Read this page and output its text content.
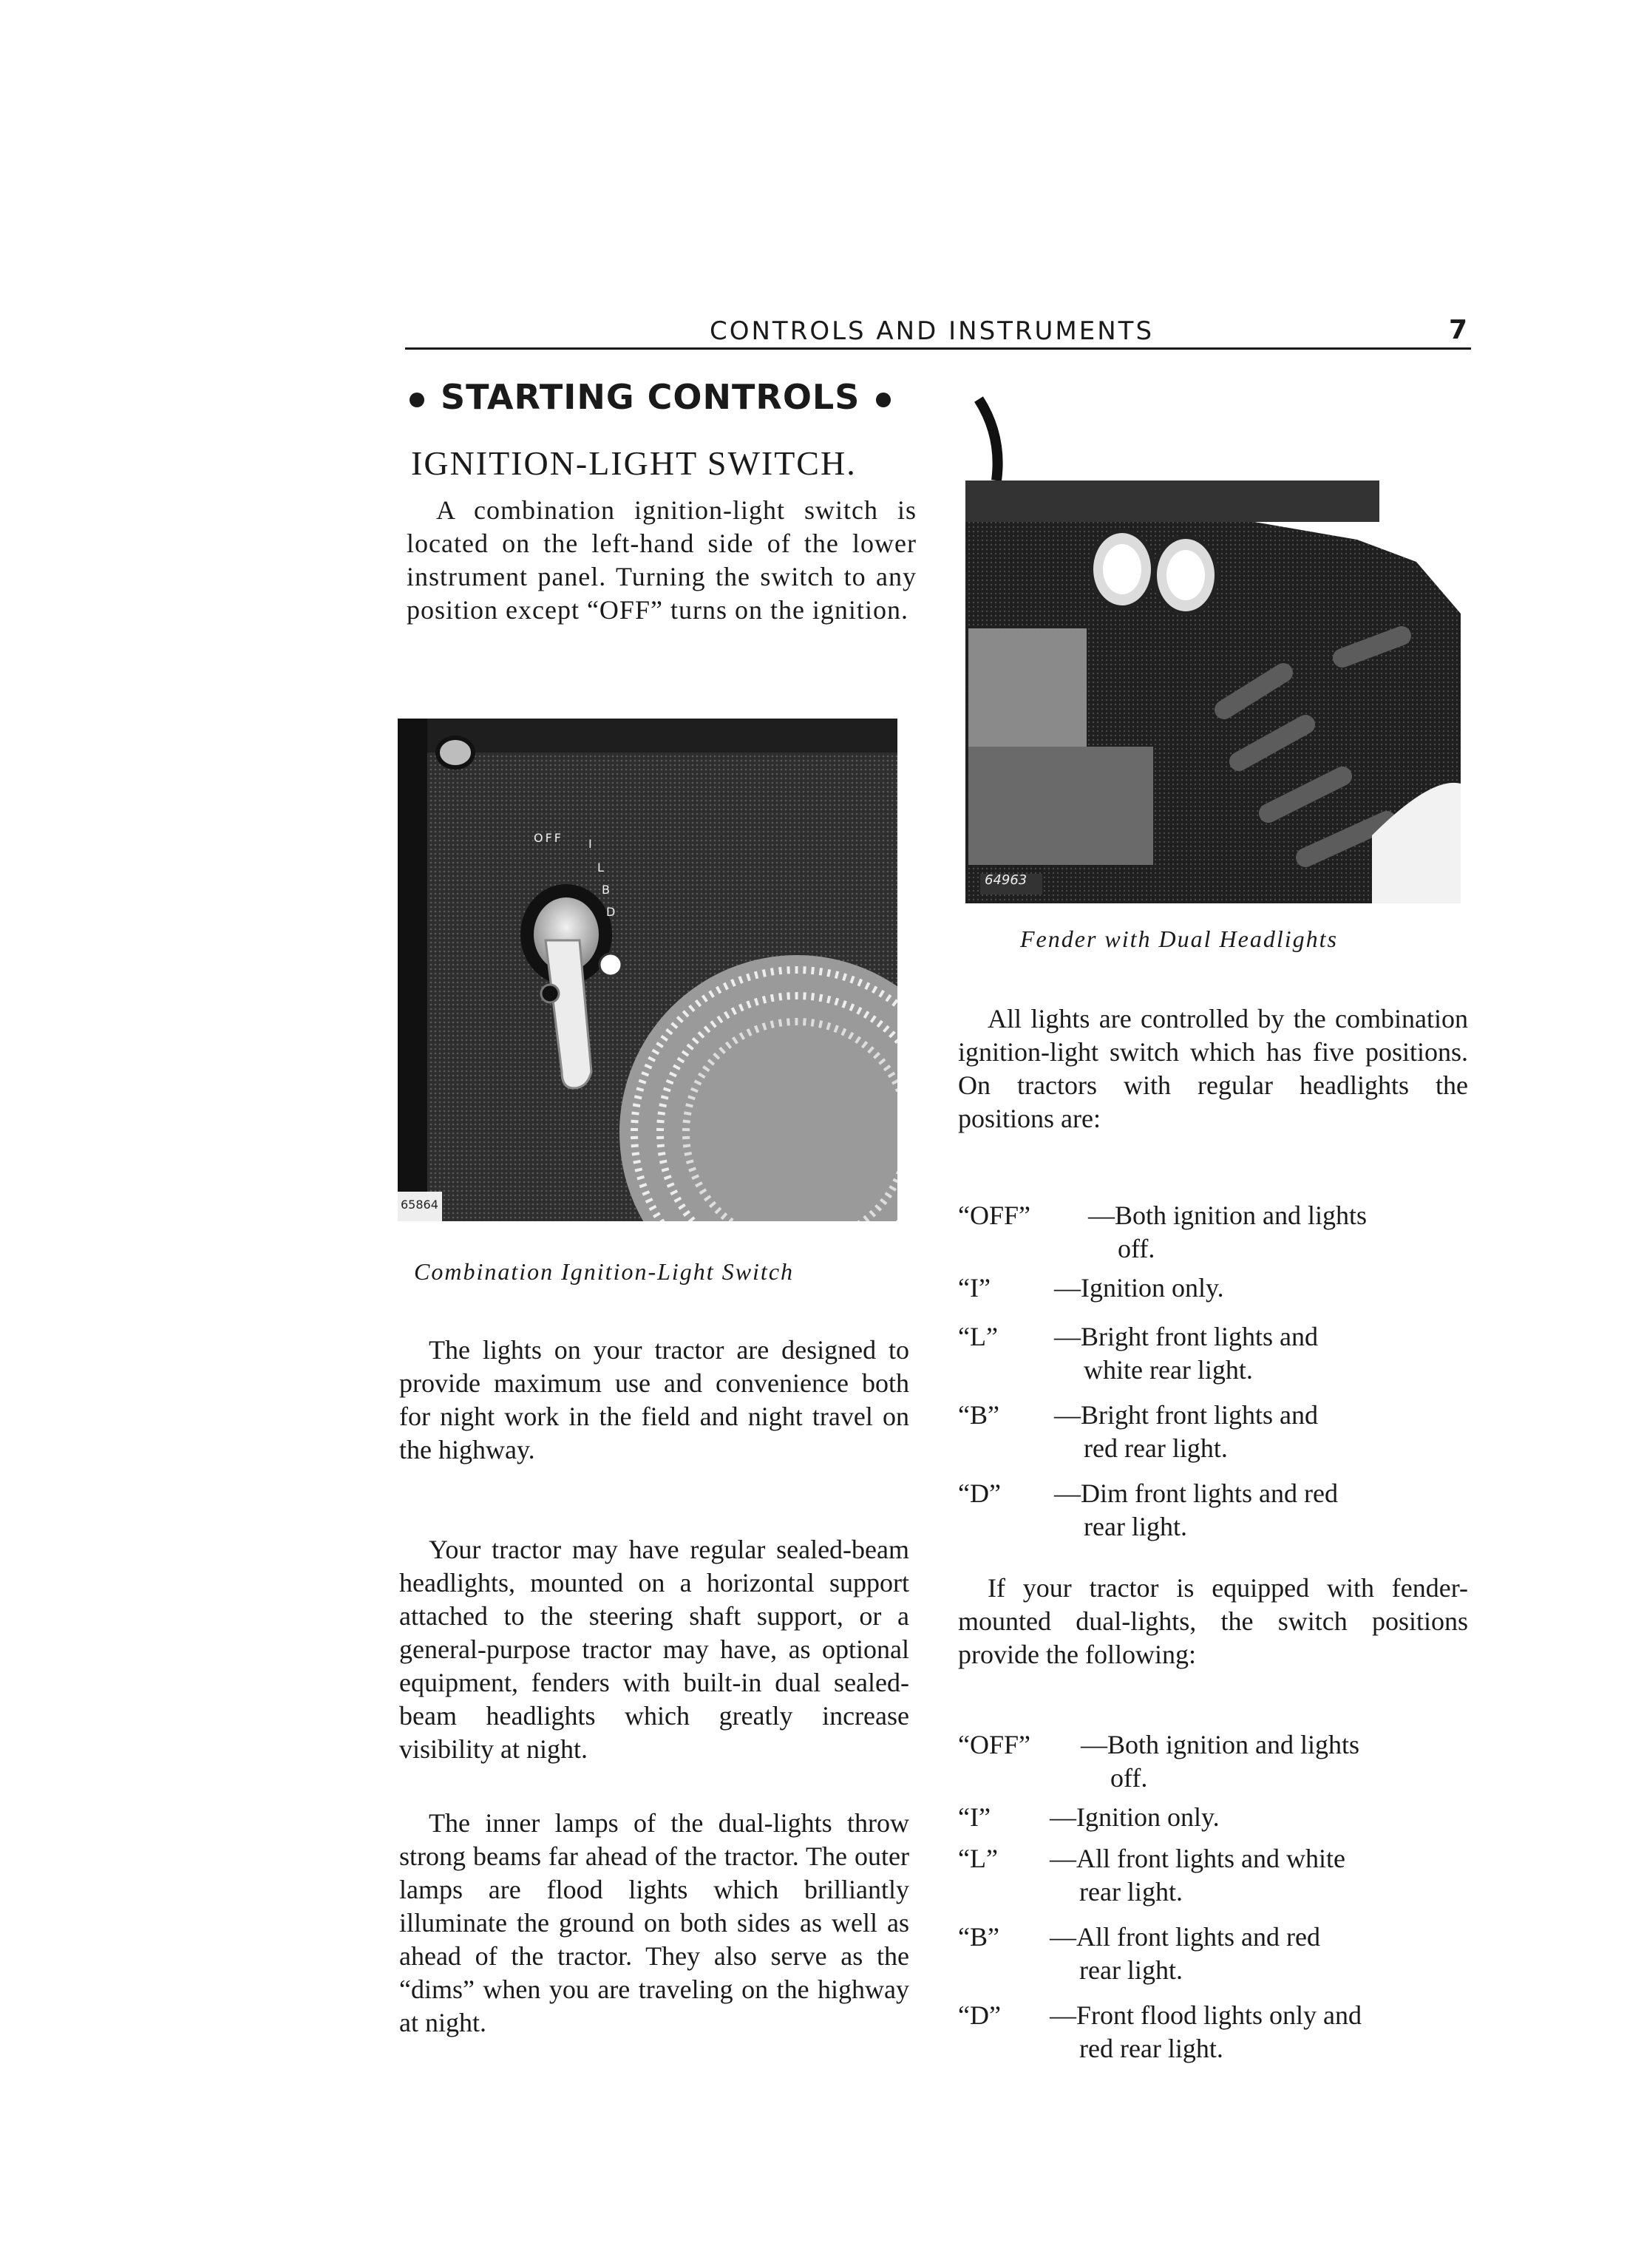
CONTROLS AND INSTRUMENTS	7
STARTING CONTROLS
IGNITION-LIGHT SWITCH.
A combination ignition-light switch is located on the left-hand side of the lower instrument panel. Turning the switch to any position except “OFF” turns on the ignition.
OFF I
L
B
D
65864
Combination Ignition-Light Switch
64963
Fender with Dual Headlights
The lights on your tractor are designed to provide maximum use and convenience both for night work in the field and night travel on the highway.
Your tractor may have regular sealed-beam headlights, mounted on a horizontal support attached to the steering shaft support, or a general-purpose tractor may have, as optional equipment, fenders with built-in dual sealed-beam headlights which greatly increase visibility at night.
The inner lamps of the dual-lights throw strong beams far ahead of the tractor. The outer lamps are flood lights which brilliantly illuminate the ground on both sides as well as ahead of the tractor. They also serve as the “dims” when you are traveling on the highway at night.
All lights are controlled by the combination ignition-light switch which has five positions. On tractors with regular headlights the positions are:
“OFF” —Both ignition and lights
off.
“I” —Ignition only.
“L” —Bright front lights and
white rear light.
“B” —Bright front lights and
red rear light.
“D” —Dim front lights and red
rear light.
If your tractor is equipped with fender-mounted dual-lights, the switch positions provide the following:
“OFF” —Both ignition and lights
off.
“I” —Ignition only.
“L” —All front lights and white
rear light.
“B” —All front lights and red
rear light.
“D” —Front flood lights only and
red rear light.
